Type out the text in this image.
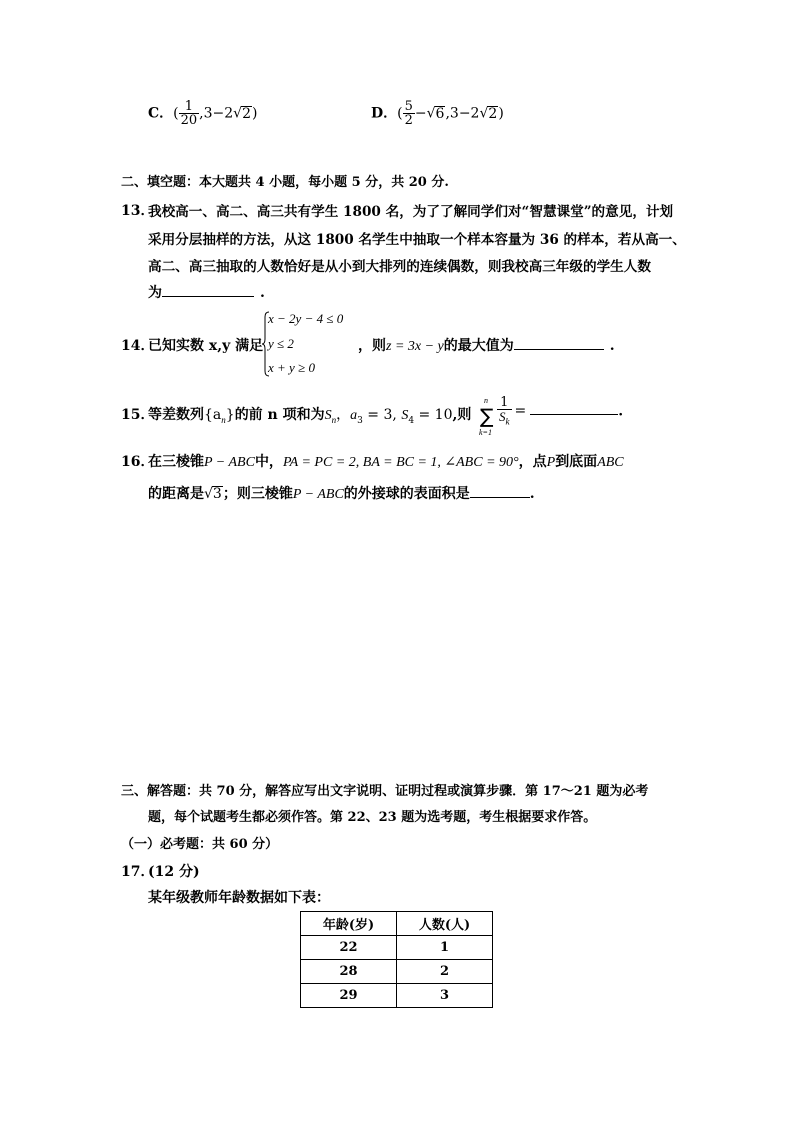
C．( $\frac{1}{20} ,3-2√2$)	D．( $\frac{5}{2} -√6,3-2√2$)
二、填空题：本大题共 4 小题，每小题 5 分，共 20 分.
13．
我校高一、高二、高三共有学生 1800 名，为了了解同学们对“智慧课堂”的意见，计划
采用分层抽样的方法，从这 1800 名学生中抽取一个样本容量为 36 的样本，若从高一、
高二、高三抽取的人数恰好是从小到大排列的连续偶数，则我校高三年级的学生人数
为	.
14．
已知实数 x,y 满足
x − 2y − 4 ≤ 0
y ≤ 2
x + y ≥ 0
，则z = 3x − y的最大值为	.
15．
等差数列$\{a_n\}$的前 n 项和为$S_n$，$a_3 = 3$, $S_4 = 10$,则
n
∑
k=1
$\frac{1}{S_k}$ =	.
16．
在三棱锥P − ABC中，PA = PC = 2, BA = BC = 1, ∠ABC = 90°，点P到底面ABC
的距离是√3；则三棱锥P − ABC的外接球的表面积是	.
三、解答题：共 70 分，解答应写出文字说明、证明过程或演算步骤．第 17～21 题为必考
题，每个试题考生都必须作答。第 22、23 题为选考题，考生根据要求作答。
（一）必考题：共 60 分）
17．
(12 分)
某年级教师年龄数据如下表：
年龄(岁)	人数(人)
22	1
28	2
29	3
